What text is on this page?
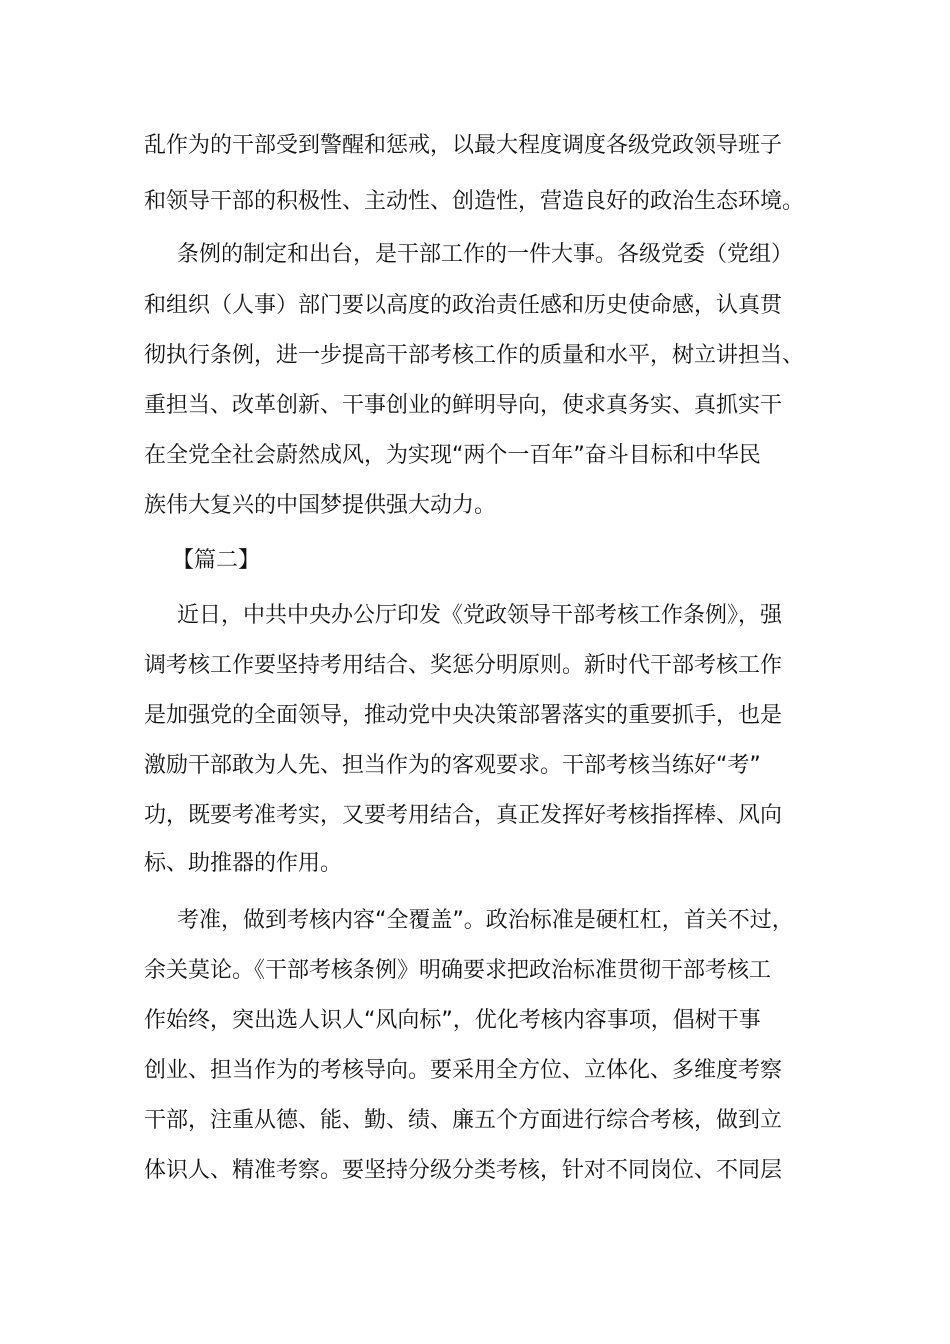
乱作为的干部受到警醒和惩戒，以最大程度调度各级党政领导班子
和领导干部的积极性、主动性、创造性，营造良好的政治生态环境。
条例的制定和出台，是干部工作的一件大事。各级党委（党组）
和组织（人事）部门要以高度的政治责任感和历史使命感，认真贯
彻执行条例，进一步提高干部考核工作的质量和水平，树立讲担当、
重担当、改革创新、干事创业的鲜明导向，使求真务实、真抓实干
在全党全社会蔚然成风，为实现“两个一百年”奋斗目标和中华民
族伟大复兴的中国梦提供强大动力。
【篇二】
近日，中共中央办公厅印发《党政领导干部考核工作条例》，强
调考核工作要坚持考用结合、奖惩分明原则。新时代干部考核工作
是加强党的全面领导，推动党中央决策部署落实的重要抓手，也是
激励干部敢为人先、担当作为的客观要求。干部考核当练好“考”
功，既要考准考实，又要考用结合，真正发挥好考核指挥棒、风向
标、助推器的作用。
考准，做到考核内容“全覆盖”。政治标准是硬杠杠，首关不过，
余关莫论。《干部考核条例》明确要求把政治标准贯彻干部考核工
作始终，突出选人识人“风向标”，优化考核内容事项，倡树干事
创业、担当作为的考核导向。要采用全方位、立体化、多维度考察
干部，注重从德、能、勤、绩、廉五个方面进行综合考核，做到立
体识人、精准考察。要坚持分级分类考核，针对不同岗位、不同层
